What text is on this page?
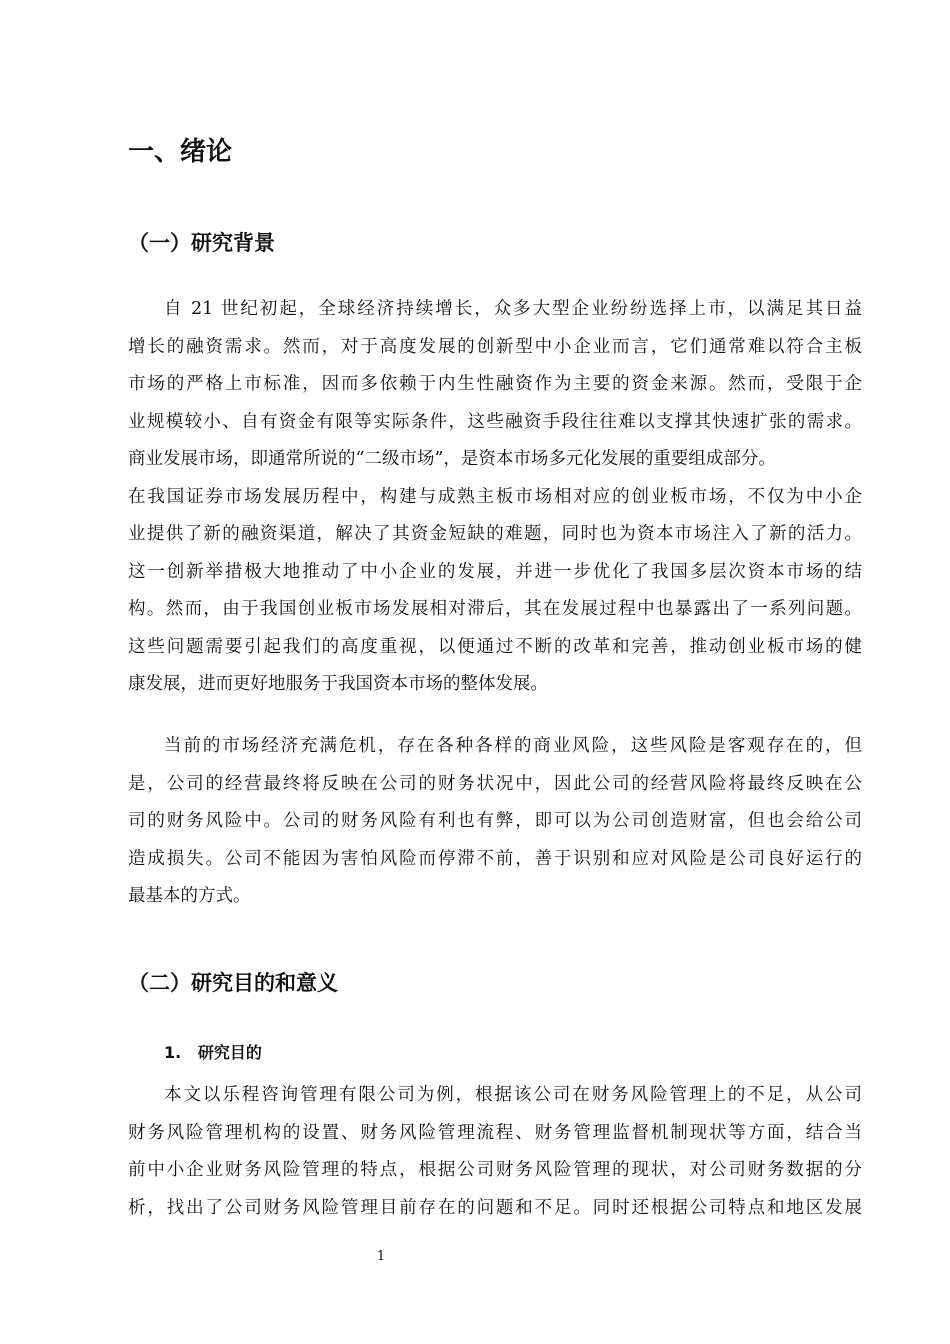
一、绪论
（一）研究背景
自 21 世纪初起，全球经济持续增长，众多大型企业纷纷选择上市，以满足其日益
增长的融资需求。然而，对于高度发展的创新型中小企业而言，它们通常难以符合主板
市场的严格上市标准，因而多依赖于内生性融资作为主要的资金来源。然而，受限于企
业规模较小、自有资金有限等实际条件，这些融资手段往往难以支撑其快速扩张的需求。
商业发展市场，即通常所说的“二级市场”，是资本市场多元化发展的重要组成部分。
在我国证券市场发展历程中，构建与成熟主板市场相对应的创业板市场，不仅为中小企
业提供了新的融资渠道，解决了其资金短缺的难题，同时也为资本市场注入了新的活力。
这一创新举措极大地推动了中小企业的发展，并进一步优化了我国多层次资本市场的结
构。然而，由于我国创业板市场发展相对滞后，其在发展过程中也暴露出了一系列问题。
这些问题需要引起我们的高度重视，以便通过不断的改革和完善，推动创业板市场的健
康发展，进而更好地服务于我国资本市场的整体发展。
当前的市场经济充满危机，存在各种各样的商业风险，这些风险是客观存在的，但
是，公司的经营最终将反映在公司的财务状况中，因此公司的经营风险将最终反映在公
司的财务风险中。公司的财务风险有利也有弊，即可以为公司创造财富，但也会给公司
造成损失。公司不能因为害怕风险而停滞不前，善于识别和应对风险是公司良好运行的
最基本的方式。
（二）研究目的和意义
1.   研究目的
本文以乐程咨询管理有限公司为例，根据该公司在财务风险管理上的不足，从公司
财务风险管理机构的设置、财务风险管理流程、财务管理监督机制现状等方面，结合当
前中小企业财务风险管理的特点，根据公司财务风险管理的现状，对公司财务数据的分
析，找出了公司财务风险管理目前存在的问题和不足。同时还根据公司特点和地区发展
1
